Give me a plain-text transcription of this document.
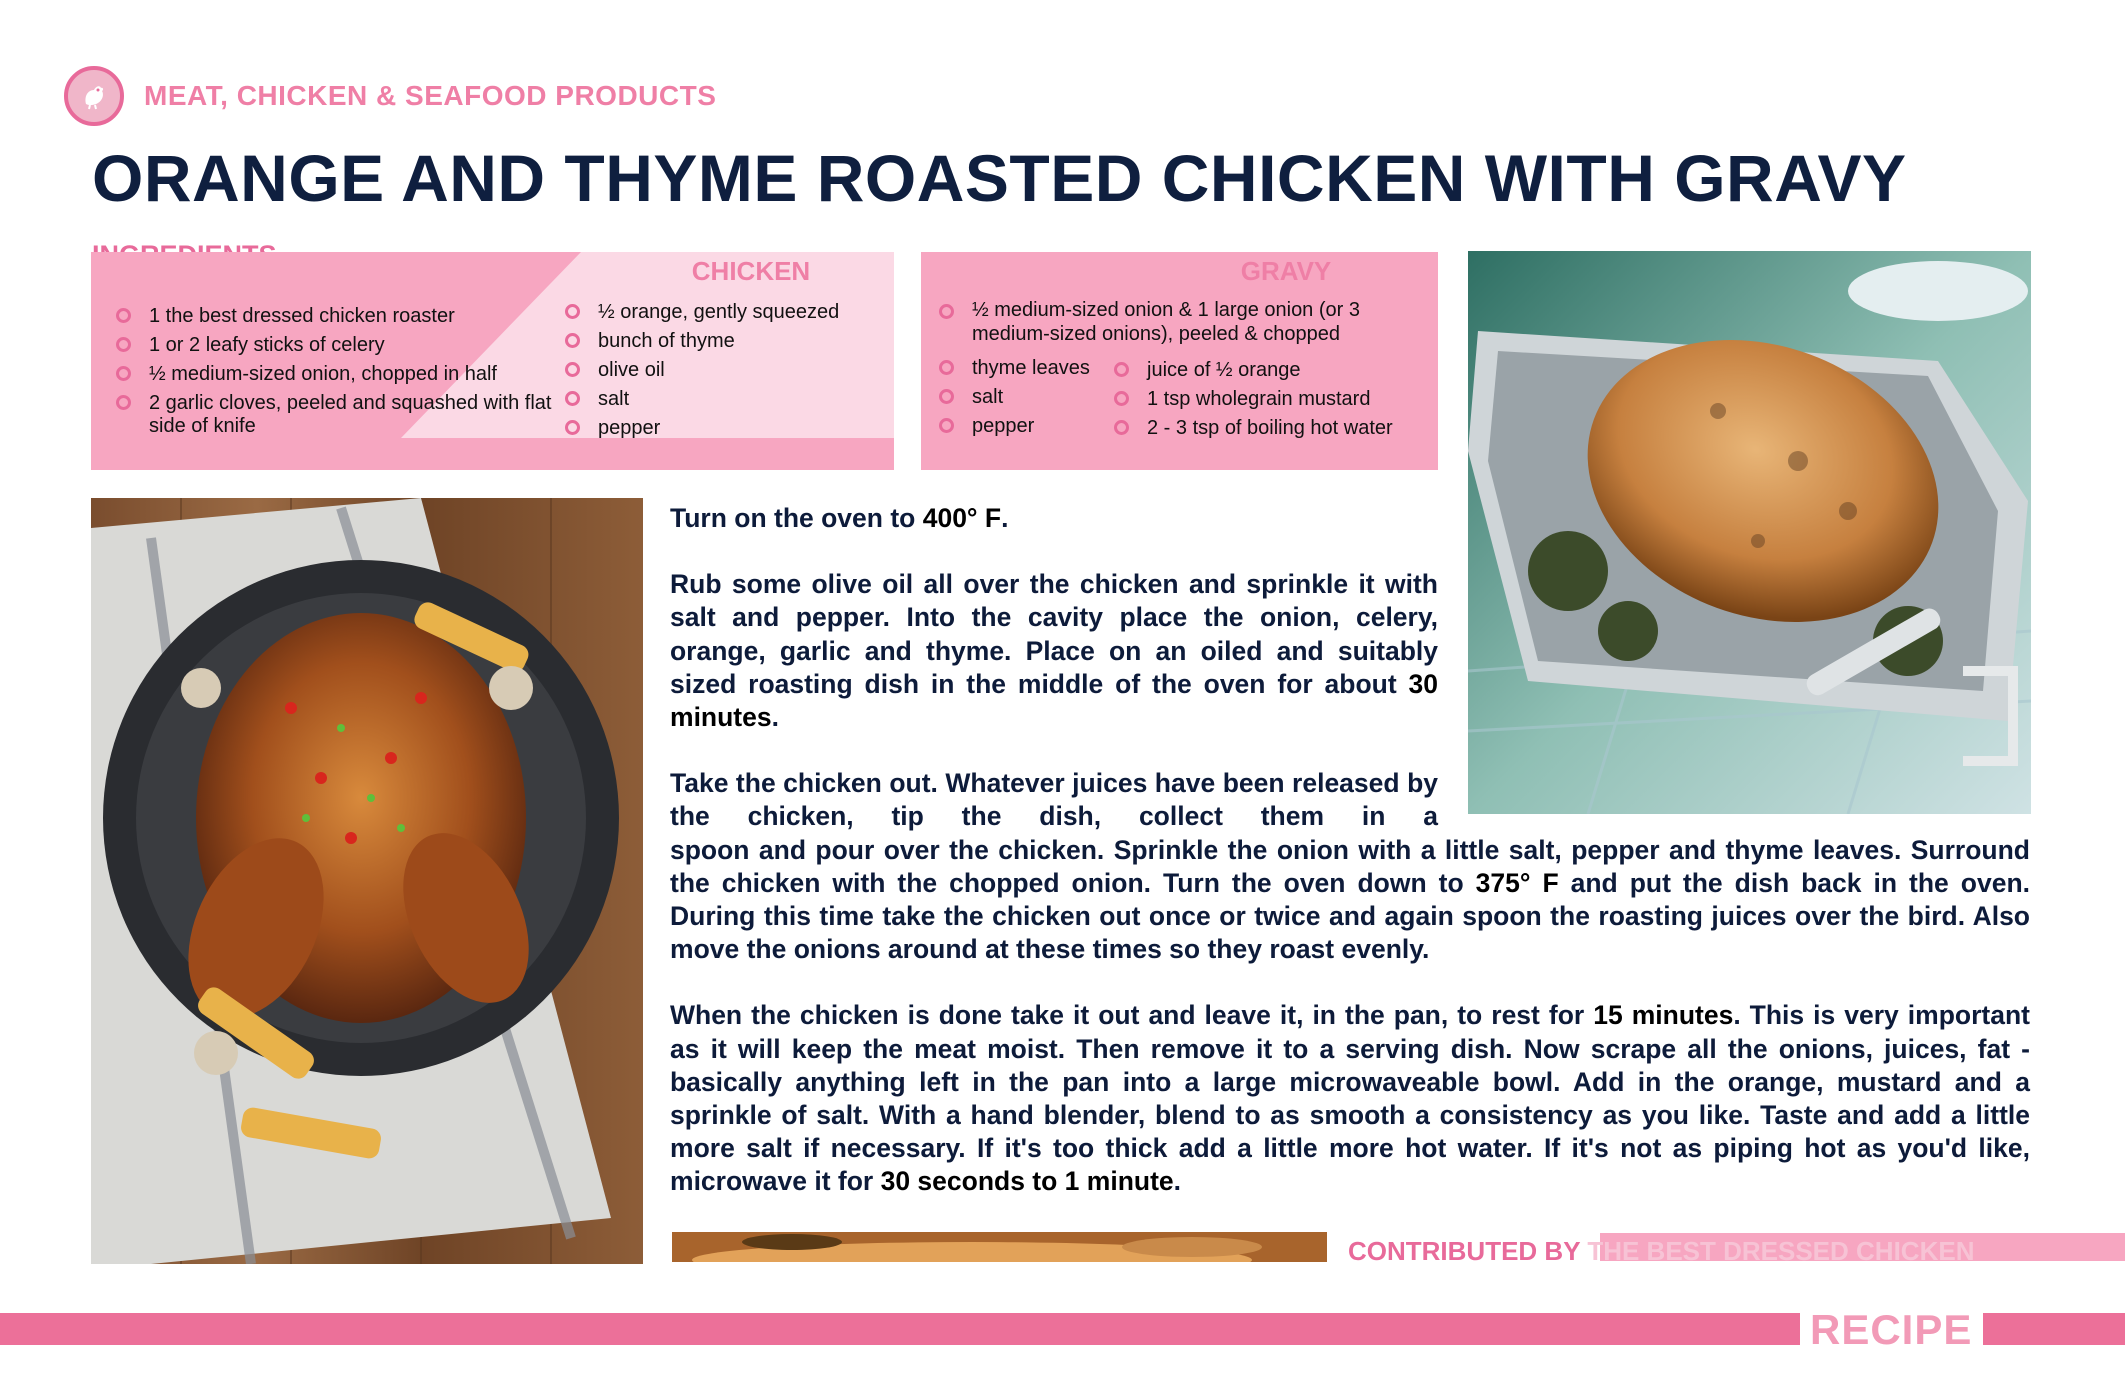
MEAT, CHICKEN & SEAFOOD PRODUCTS
ORANGE AND THYME ROASTED CHICKEN WITH GRAVY
CHICKEN
1 the best dressed chicken roaster
1 or 2 leafy sticks of celery
½ medium-sized onion, chopped in half
2 garlic cloves, peeled and squashed with flat side of knife
½ orange, gently squeezed
bunch of thyme
olive oil
salt
pepper
GRAVY
½ medium-sized onion & 1 large onion (or 3 medium-sized onions), peeled & chopped
thyme leaves
salt
pepper
juice of ½ orange
1 tsp wholegrain mustard
2 - 3 tsp of boiling hot water

Turn on the oven to 400° F.

Rub some olive oil all over the chicken and sprinkle it with salt and pepper. Into the cavity place the onion, celery, orange, garlic and thyme. Place on an oiled and suitably sized roasting dish in the middle of the oven for about 30 minutes.

Take the chicken out. Whatever juices have been released by the chicken, tip the dish, collect them in a

spoon and pour over the chicken. Sprinkle the onion with a little salt, pepper and thyme leaves. Surround the chicken with the chopped onion. Turn the oven down to 375° F and put the dish back in the oven. During this time take the chicken out once or twice and again spoon the roasting juices over the bird. Also move the onions around at these times so they roast evenly.

When the chicken is done take it out and leave it, in the pan, to rest for 15 minutes. This is very important as it will keep the meat moist. Then remove it to a serving dish. Now scrape all the onions, juices, fat - basically anything left in the pan into a large microwaveable bowl. Add in the orange, mustard and a sprinkle of salt. With a hand blender, blend to as smooth a consistency as you like. Taste and add a little more salt if necessary. If it's too thick add a little more hot water. If it's not as piping hot as you'd like, microwave it for 30 seconds to 1 minute.

CONTRIBUTED BY THE BEST DRESSED CHICKEN
RECIPE
